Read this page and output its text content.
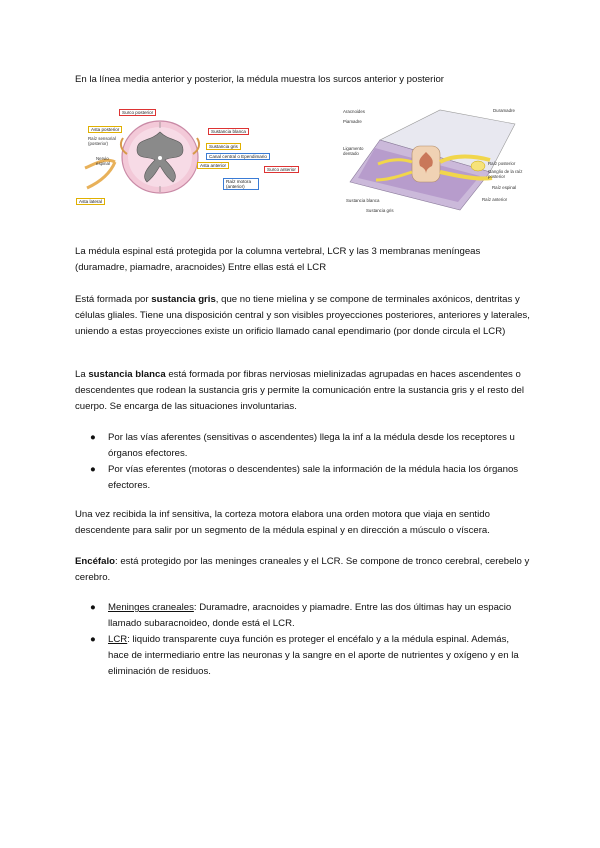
En la línea media anterior y posterior, la médula muestra los surcos anterior y posterior
Surco posterior
Asta posterior
Raíz sensorial (posterior)
Sustancia blanca
Sustancia gris
Canal central o Ependimario
Nervio espinal	Asta anterior
Surco anterior
Raíz motora (anterior)
Asta lateral
Aracnoides
Piamadre
Duramadre
Ligamento dentado
Raíz posterior
Ganglio de la raíz posterior
Raíz espinal
Raíz anterior
Sustancia blanca
Sustancia gris
La médula espinal está protegida por la columna vertebral, LCR y las 3 membranas meníngeas (duramadre, piamadre, aracnoides) Entre ellas está el LCR
Está formada por sustancia gris, que no tiene mielina y se compone de terminales axónicos, dentritas y células gliales. Tiene una disposición central y son visibles proyecciones posteriores, anteriores y laterales, uniendo a estas proyecciones existe un orificio llamado canal ependimario (por donde circula el LCR)
La sustancia blanca está formada por fibras nerviosas mielinizadas agrupadas en haces ascendentes o descendentes que rodean la sustancia gris y permite la comunicación entre la sustancia gris y el resto del cuerpo. Se encarga de las situaciones involuntarias.
● Por las vías aferentes (sensitivas o ascendentes) llega la inf a la médula desde los receptores u órganos efectores.
● Por vías eferentes (motoras o descendentes) sale la información de la médula hacia los órganos efectores.
Una vez recibida la inf sensitiva, la corteza motora elabora una orden motora que viaja en sentido descendente para salir por un segmento de la médula espinal y en dirección a músculo o víscera.
Encéfalo: está protegido por las meninges craneales y el LCR. Se compone de tronco cerebral, cerebelo y cerebro.
● Meninges craneales: Duramadre, aracnoides y piamadre. Entre las dos últimas hay un espacio llamado subaracnoideo, donde está el LCR.
● LCR: liquido transparente cuya función es proteger el encéfalo y a la médula espinal. Además, hace de intermediario entre las neuronas y la sangre en el aporte de nutrientes y oxígeno y en la eliminación de residuos.
